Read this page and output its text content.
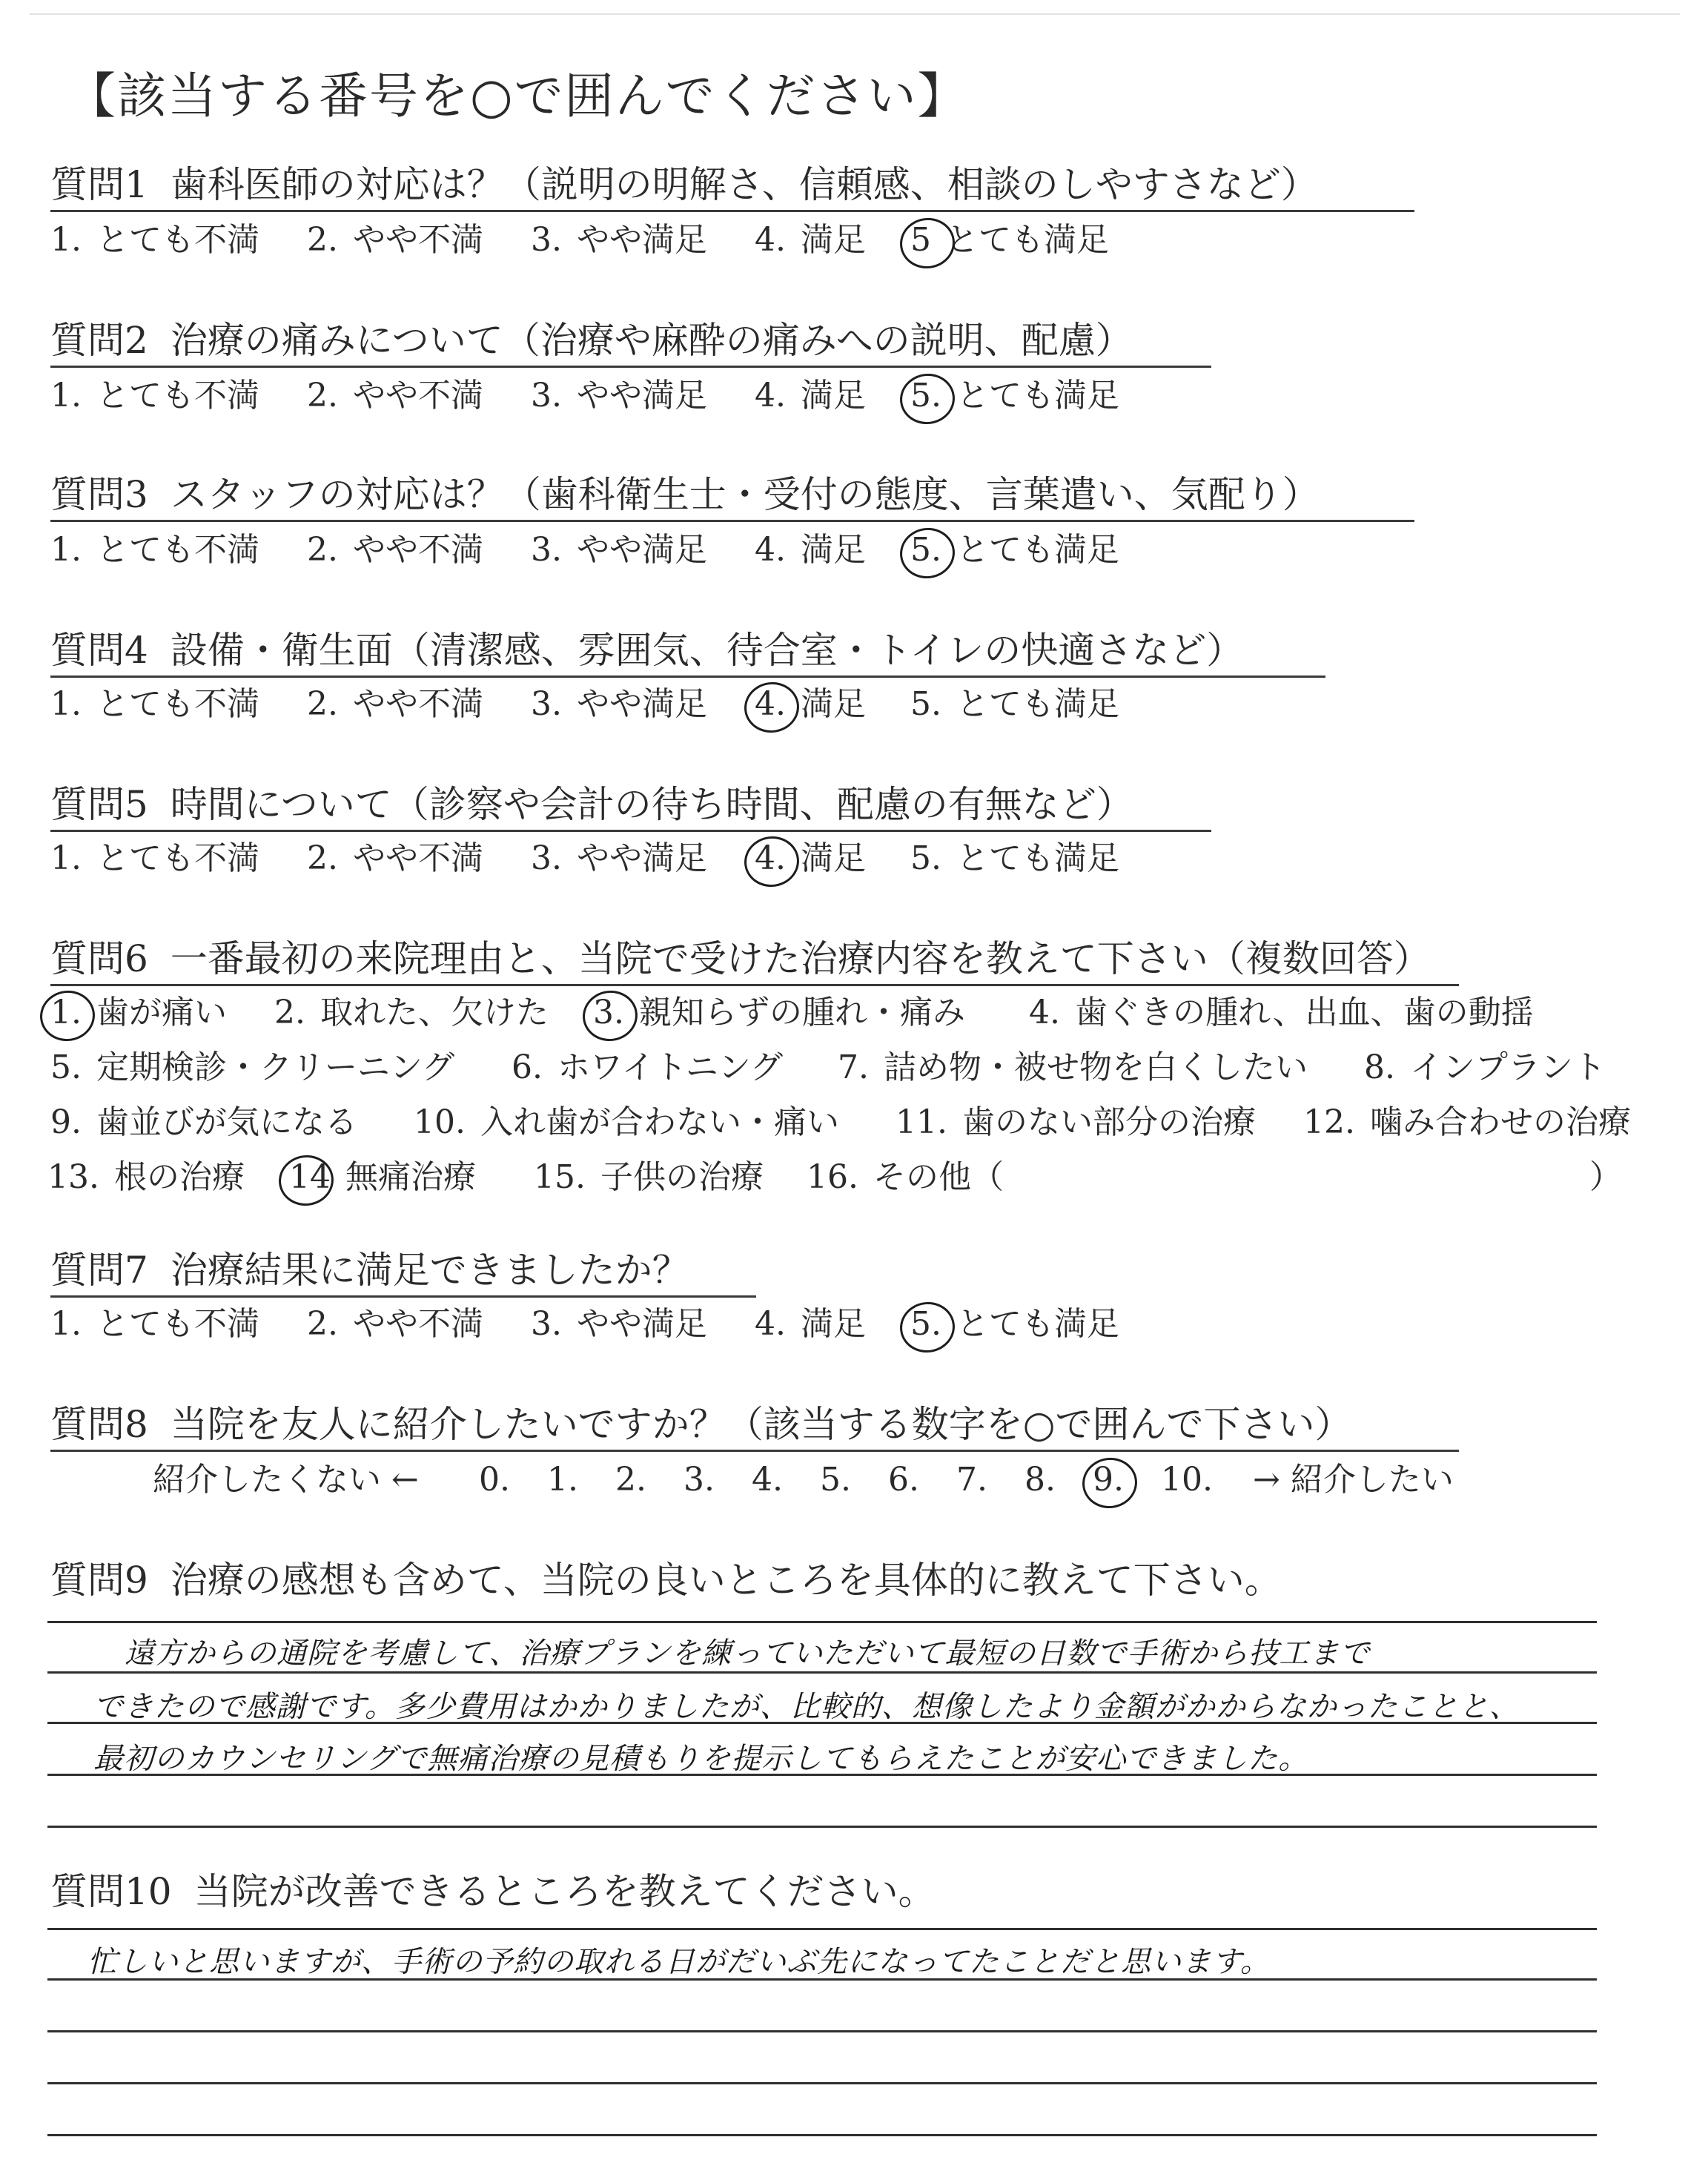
【該当する番号を○で囲んでください】
質問1 歯科医師の対応は？（説明の明解さ、信頼感、相談のしやすさなど）
1. とても不満 2. やや不満 3. やや満足 4. 満足 5 とても満足
質問2 治療の痛みについて（治療や麻酔の痛みへの説明、配慮）
1. とても不満 2. やや不満 3. やや満足 4. 満足 5. とても満足
質問3 スタッフの対応は？（歯科衛生士・受付の態度、言葉遣い、気配り）
1. とても不満 2. やや不満 3. やや満足 4. 満足 5. とても満足
質問4 設備・衛生面（清潔感、雰囲気、待合室・トイレの快適さなど）
1. とても不満 2. やや不満 3. やや満足 4. 満足 5. とても満足
質問5 時間について（診察や会計の待ち時間、配慮の有無など）
1. とても不満 2. やや不満 3. やや満足 4. 満足 5. とても満足
質問6 一番最初の来院理由と、当院で受けた治療内容を教えて下さい（複数回答）
1. 歯が痛い 2. 取れた、欠けた 3. 親知らずの腫れ・痛み 4. 歯ぐきの腫れ、出血、歯の動揺
5. 定期検診・クリーニング 6. ホワイトニング 7. 詰め物・被せ物を白くしたい 8. インプラント
9. 歯並びが気になる 10. 入れ歯が合わない・痛い 11. 歯のない部分の治療 12. 噛み合わせの治療
13. 根の治療 14 無痛治療 15. 子供の治療 16. その他（	）
質問7 治療結果に満足できましたか？
1. とても不満 2. やや不満 3. やや満足 4. 満足 5. とても満足
質問8 当院を友人に紹介したいですか？（該当する数字を○で囲んで下さい）
紹介したくない ← 0. 1. 2. 3. 4. 5. 6. 7. 8. 9. 10. → 紹介したい
質問9 治療の感想も含めて、当院の良いところを具体的に教えて下さい。
遠方からの通院を考慮して、治療プランを練っていただいて最短の日数で手術から技工まで
できたので感謝です。多少費用はかかりましたが、比較的、想像したより金額がかからなかったことと、
最初のカウンセリングで無痛治療の見積もりを提示してもらえたことが安心できました。
質問10 当院が改善できるところを教えてください。
忙しいと思いますが、手術の予約の取れる日がだいぶ先になってたことだと思います。
